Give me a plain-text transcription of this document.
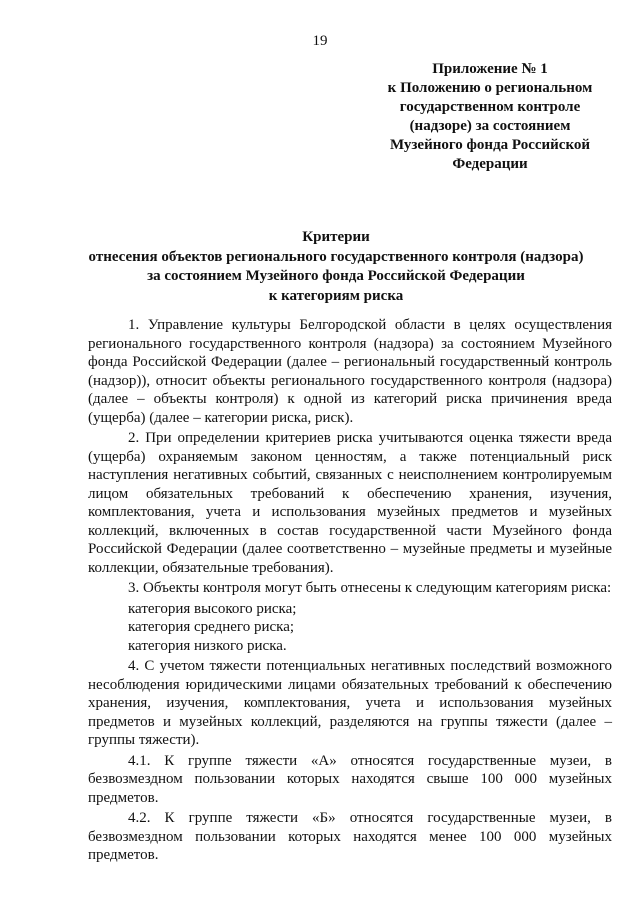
19
Приложение № 1
к Положению о региональном
государственном контроле
(надзоре) за состоянием
Музейного фонда Российской
Федерации
Критерии
отнесения объектов регионального государственного контроля (надзора)
за состоянием Музейного фонда Российской Федерации
к категориям риска

1. Управление культуры Белгородской области в целях осуществления регионального государственного контроля (надзора) за состоянием Музейного фонда Российской Федерации (далее – региональный государственный контроль (надзор)), относит объекты регионального государственного контроля (надзора) (далее – объекты контроля) к одной из категорий риска причинения вреда (ущерба) (далее – категории риска, риск).

2. При определении критериев риска учитываются оценка тяжести вреда (ущерба) охраняемым законом ценностям, а также потенциальный риск наступления негативных событий, связанных с неисполнением контролируемым лицом обязательных требований к обеспечению хранения, изучения, комплектования, учета и использования музейных предметов и музейных коллекций, включенных в состав государственной части Музейного фонда Российской Федерации (далее соответственно – музейные предметы и музейные коллекции, обязательные требования).

3. Объекты контроля могут быть отнесены к следующим категориям риска:

категория высокого риска;

категория среднего риска;

категория низкого риска.

4. С учетом тяжести потенциальных негативных последствий возможного несоблюдения юридическими лицами обязательных требований к обеспечению хранения, изучения, комплектования, учета и использования музейных предметов и музейных коллекций, разделяются на группы тяжести (далее – группы тяжести).

4.1. К группе тяжести «А» относятся государственные музеи, в безвозмездном пользовании которых находятся свыше 100 000 музейных предметов.

4.2. К группе тяжести «Б» относятся государственные музеи, в безвозмездном пользовании которых находятся менее 100 000 музейных предметов.
